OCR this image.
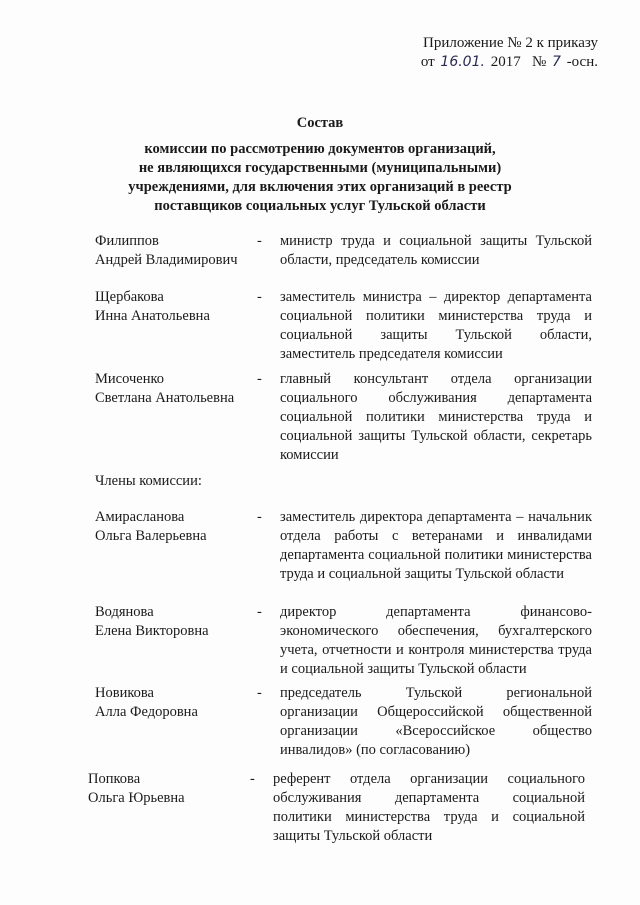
Приложение № 2 к приказу
от 16.01. 2017 № 7 -осн.
Состав
комиссии по рассмотрению документов организаций,
не являющихся государственными (муниципальными)
учреждениями, для включения этих организаций в реестр
поставщиков социальных услуг Тульской области
Филиппов
Андрей Владимирович
- министр труда и социальной защиты Тульской области, председатель комиссии
Щербакова
Инна Анатольевна
- заместитель министра – директор департамента социальной политики министерства труда и социальной защиты Тульской области, заместитель председателя комиссии
Мисоченко
Светлана Анатольевна
- главный консультант отдела организации социального обслуживания департамента социальной политики министерства труда и социальной защиты Тульской области, секретарь комиссии
Члены комиссии:
Амирасланова
Ольга Валерьевна
- заместитель директора департамента – начальник отдела работы с ветеранами и инвалидами департамента социальной политики министерства труда и социальной защиты Тульской области
Водянова
Елена Викторовна
- директор департамента финансово-экономического обеспечения, бухгалтерского учета, отчетности и контроля министерства труда и социальной защиты Тульской области
Новикова
Алла Федоровна
- председатель Тульской региональной организации Общероссийской общественной организации «Всероссийское общество инвалидов» (по согласованию)
Попкова
Ольга Юрьевна
- референт отдела организации социального обслуживания департамента социальной политики министерства труда и социальной защиты Тульской области
